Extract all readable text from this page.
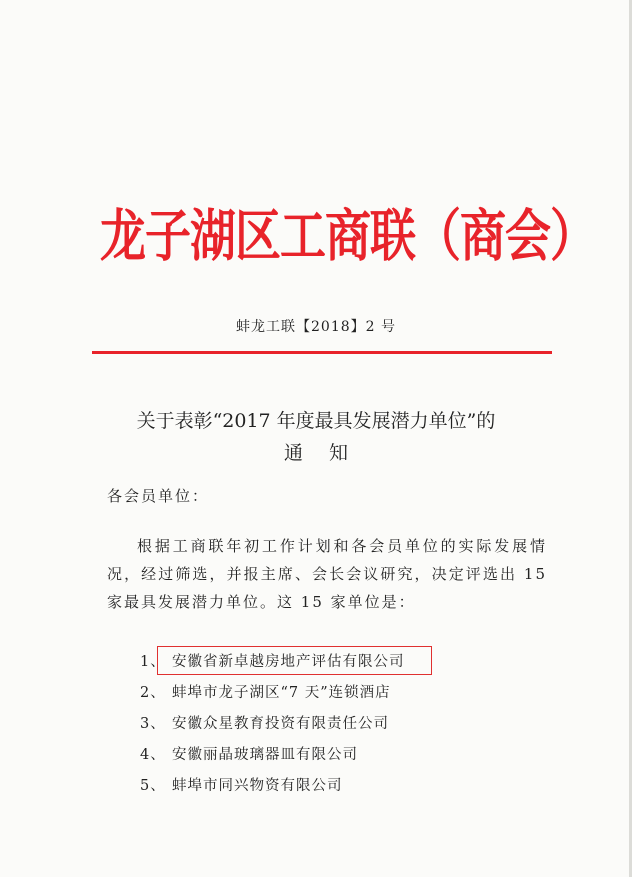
龙子湖区工商联（商会）
蚌龙工联【2018】2 号
关于表彰“2017 年度最具发展潜力单位”的
通知
各会员单位：
根据工商联年初工作计划和各会员单位的实际发展情况，经过筛选，并报主席、会长会议研究，决定评选出 15 家最具发展潜力单位。这 15 家单位是：
1、 安徽省新卓越房地产评估有限公司
2、 蚌埠市龙子湖区“7 天”连锁酒店
3、 安徽众星教育投资有限责任公司
4、 安徽丽晶玻璃器皿有限公司
5、 蚌埠市同兴物资有限公司
